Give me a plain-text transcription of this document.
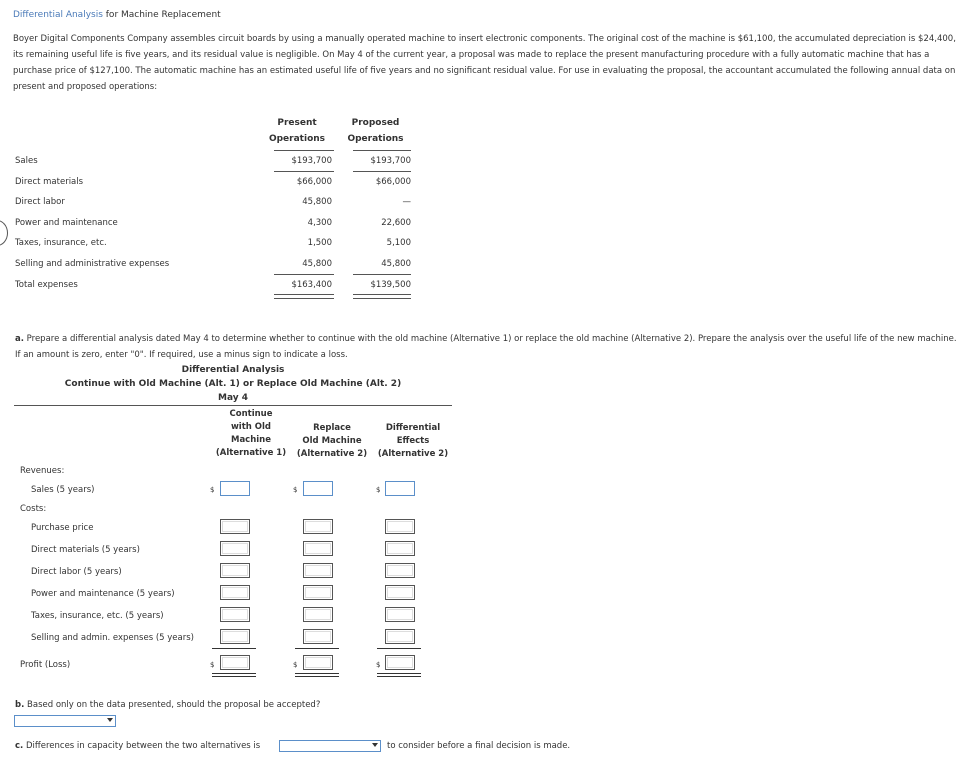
Differential Analysis for Machine Replacement
Boyer Digital Components Company assembles circuit boards by using a manually operated machine to insert electronic components. The original cost of the machine is $61,100, the accumulated depreciation is $24,400, its remaining useful life is five years, and its residual value is negligible. On May 4 of the current year, a proposal was made to replace the present manufacturing procedure with a fully automatic machine that has a purchase price of $127,100. The automatic machine has an estimated useful life of five years and no significant residual value. For use in evaluating the proposal, the accountant accumulated the following annual data on present and proposed operations:
Present
Operations
Proposed
Operations
Sales	$193,700	$193,700
Direct materials	$66,000	$66,000
Direct labor	45,800	—
Power and maintenance	4,300	22,600
Taxes, insurance, etc.	1,500	5,100
Selling and administrative expenses	45,800	45,800
Total expenses	$163,400	$139,500
a. Prepare a differential analysis dated May 4 to determine whether to continue with the old machine (Alternative 1) or replace the old machine (Alternative 2). Prepare the analysis over the useful life of the new machine. If an amount is zero, enter "0". If required, use a minus sign to indicate a loss.
Differential Analysis
Continue with Old Machine (Alt. 1) or Replace Old Machine (Alt. 2)
May 4
Continue
with Old
Machine
(Alternative 1)
Replace
Old Machine
(Alternative 2)
Differential
Effects
(Alternative 2)
Revenues:
Sales (5 years)	$	$	$
Costs:
Purchase price
Direct materials (5 years)
Direct labor (5 years)
Power and maintenance (5 years)
Taxes, insurance, etc. (5 years)
Selling and admin. expenses (5 years)
Profit (Loss)	$	$	$
b. Based only on the data presented, should the proposal be accepted?
c. Differences in capacity between the two alternatives is	to consider before a final decision is made.
